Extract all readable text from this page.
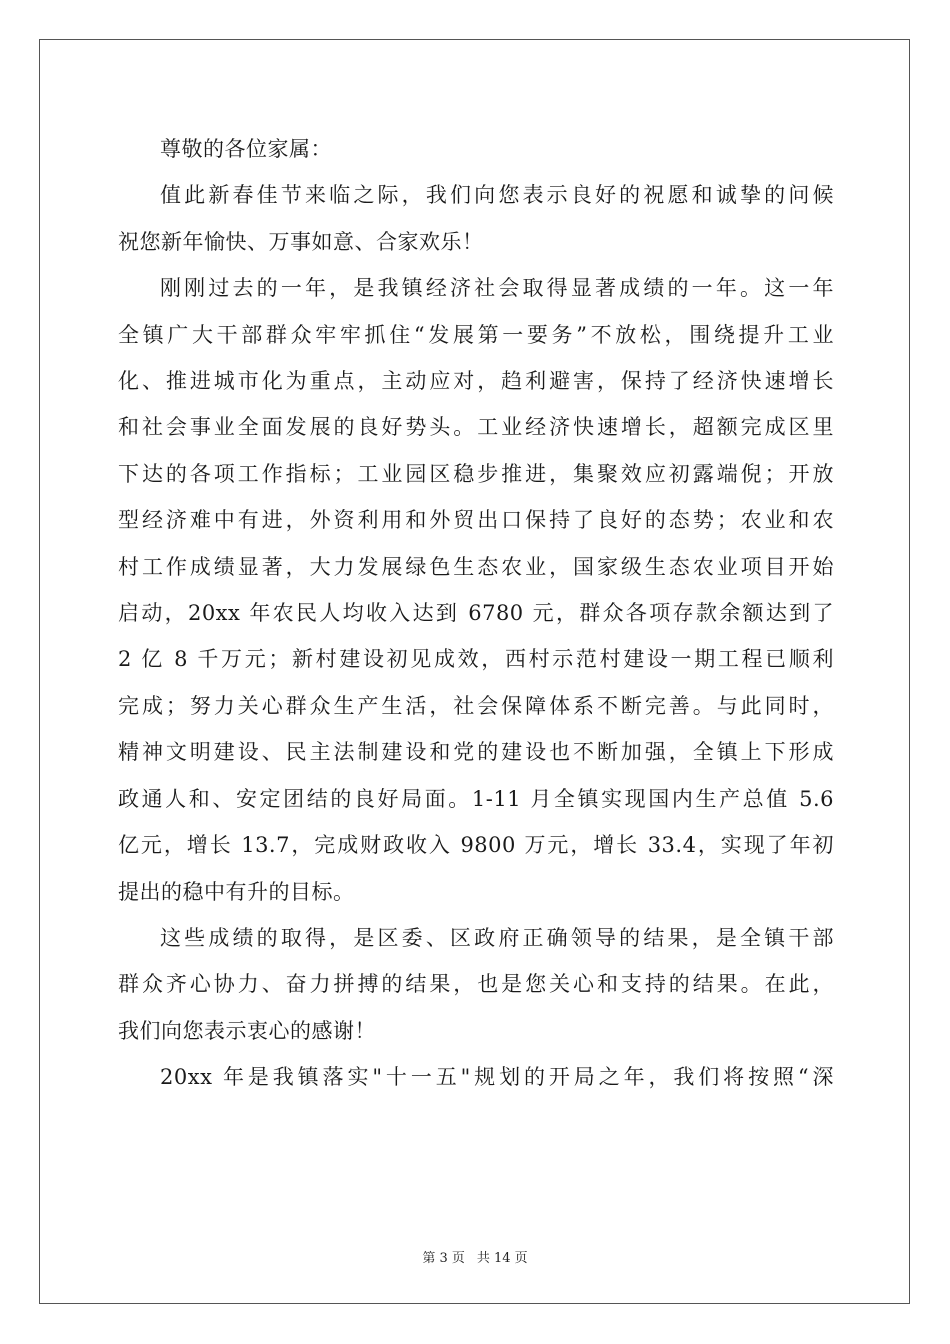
尊敬的各位家属：

值此新春佳节来临之际，我们向您表示良好的祝愿和诚挚的问候
祝您新年愉快、万事如意、合家欢乐！
刚刚过去的一年，是我镇经济社会取得显著成绩的一年。这一年
全镇广大干部群众牢牢抓住“发展第一要务”不放松，围绕提升工业
化、推进城市化为重点，主动应对，趋利避害，保持了经济快速增长
和社会事业全面发展的良好势头。工业经济快速增长，超额完成区里
下达的各项工作指标；工业园区稳步推进，集聚效应初露端倪；开放
型经济难中有进，外资利用和外贸出口保持了良好的态势；农业和农
村工作成绩显著，大力发展绿色生态农业，国家级生态农业项目开始
启动，20xx 年农民人均收入达到 6780 元，群众各项存款余额达到了
2 亿 8 千万元；新村建设初见成效，西村示范村建设一期工程已顺利
完成；努力关心群众生产生活，社会保障体系不断完善。与此同时，
精神文明建设、民主法制建设和党的建设也不断加强，全镇上下形成
政通人和、安定团结的良好局面。1-11 月全镇实现国内生产总值 5.6
亿元，增长 13.7，完成财政收入 9800 万元，增长 33.4，实现了年初
提出的稳中有升的目标。
这些成绩的取得，是区委、区政府正确领导的结果，是全镇干部
群众齐心协力、奋力拼搏的结果，也是您关心和支持的结果。在此，
我们向您表示衷心的感谢！
20xx 年是我镇落实"十一五"规划的开局之年，我们将按照“深
第 3 页 共 14 页
